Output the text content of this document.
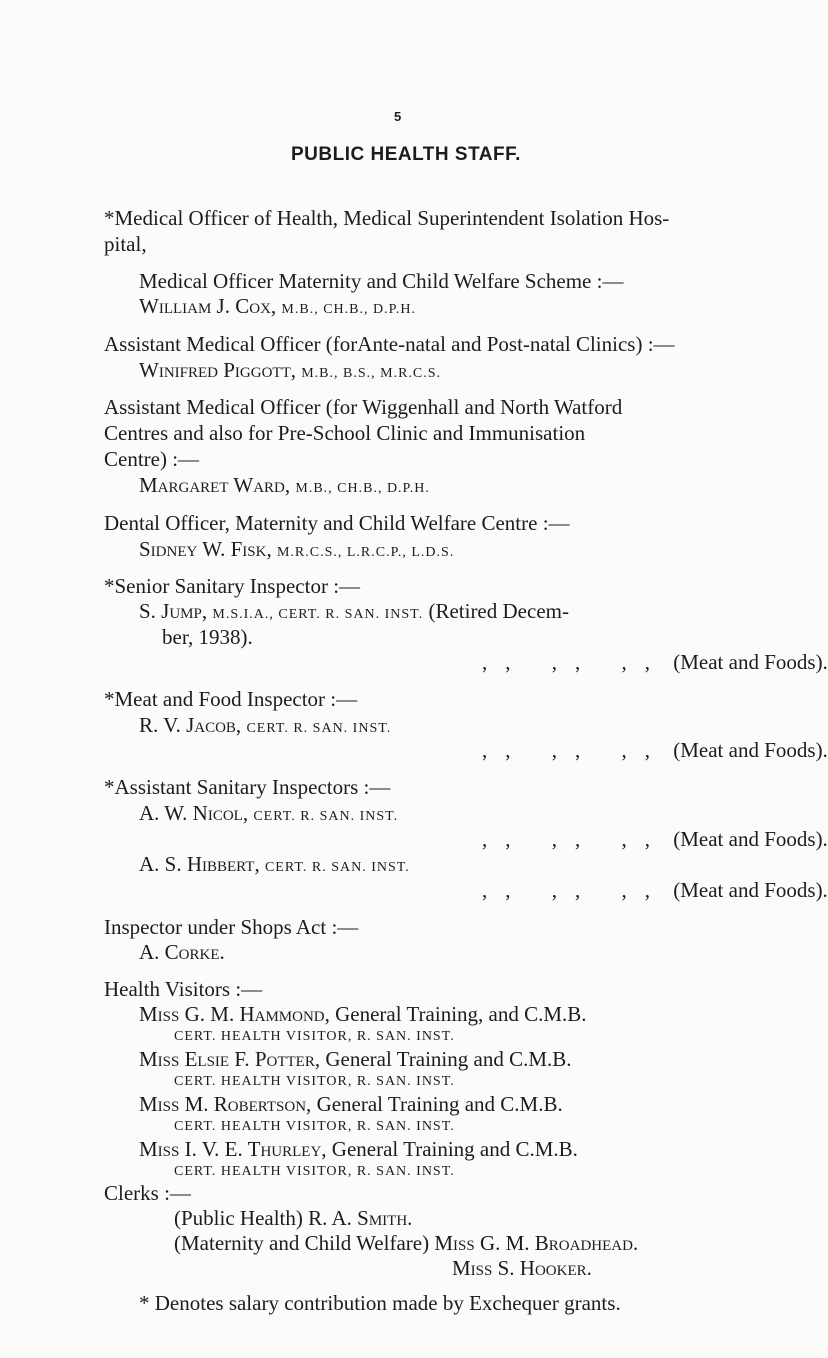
5
PUBLIC HEALTH STAFF.
*Medical Officer of Health, Medical Superintendent Isolation Hos-
pital,
Medical Officer Maternity and Child Welfare Scheme :—
William J. Cox, M.B., CH.B., D.P.H.
Assistant Medical Officer (forAnte-natal and Post-natal Clinics) :—
Winifred Piggott, M.B., B.S., M.R.C.S.
Assistant Medical Officer (for Wiggenhall and North Watford
Centres and also for Pre-School Clinic and Immunisation
Centre) :—
Margaret Ward, M.B., CH.B., D.P.H.
Dental Officer, Maternity and Child Welfare Centre :—
Sidney W. Fisk, M.R.C.S., L.R.C.P., L.D.S.
*Senior Sanitary Inspector :—
S. Jump, M.S.I.A., CERT. R. SAN. INST. (Retired Decem-
ber, 1938).
,, ,, ,, (Meat and Foods).
*Meat and Food Inspector :—
R. V. Jacob, CERT. R. SAN. INST.
,, ,, ,, (Meat and Foods).
*Assistant Sanitary Inspectors :—
A. W. Nicol, CERT. R. SAN. INST.
,, ,, ,, (Meat and Foods).
A. S. Hibbert, CERT. R. SAN. INST.
,, ,, ,, (Meat and Foods).
Inspector under Shops Act :—
A. Corke.
Health Visitors :—
Miss G. M. Hammond, General Training, and C.M.B.
CERT. HEALTH VISITOR, R. SAN. INST.
Miss Elsie F. Potter, General Training and C.M.B.
CERT. HEALTH VISITOR, R. SAN. INST.
Miss M. Robertson, General Training and C.M.B.
CERT. HEALTH VISITOR, R. SAN. INST.
Miss I. V. E. Thurley, General Training and C.M.B.
CERT. HEALTH VISITOR, R. SAN. INST.
Clerks :—
(Public Health) R. A. Smith.
(Maternity and Child Welfare) Miss G. M. Broadhead.
Miss S. Hooker.
* Denotes salary contribution made by Exchequer grants.
